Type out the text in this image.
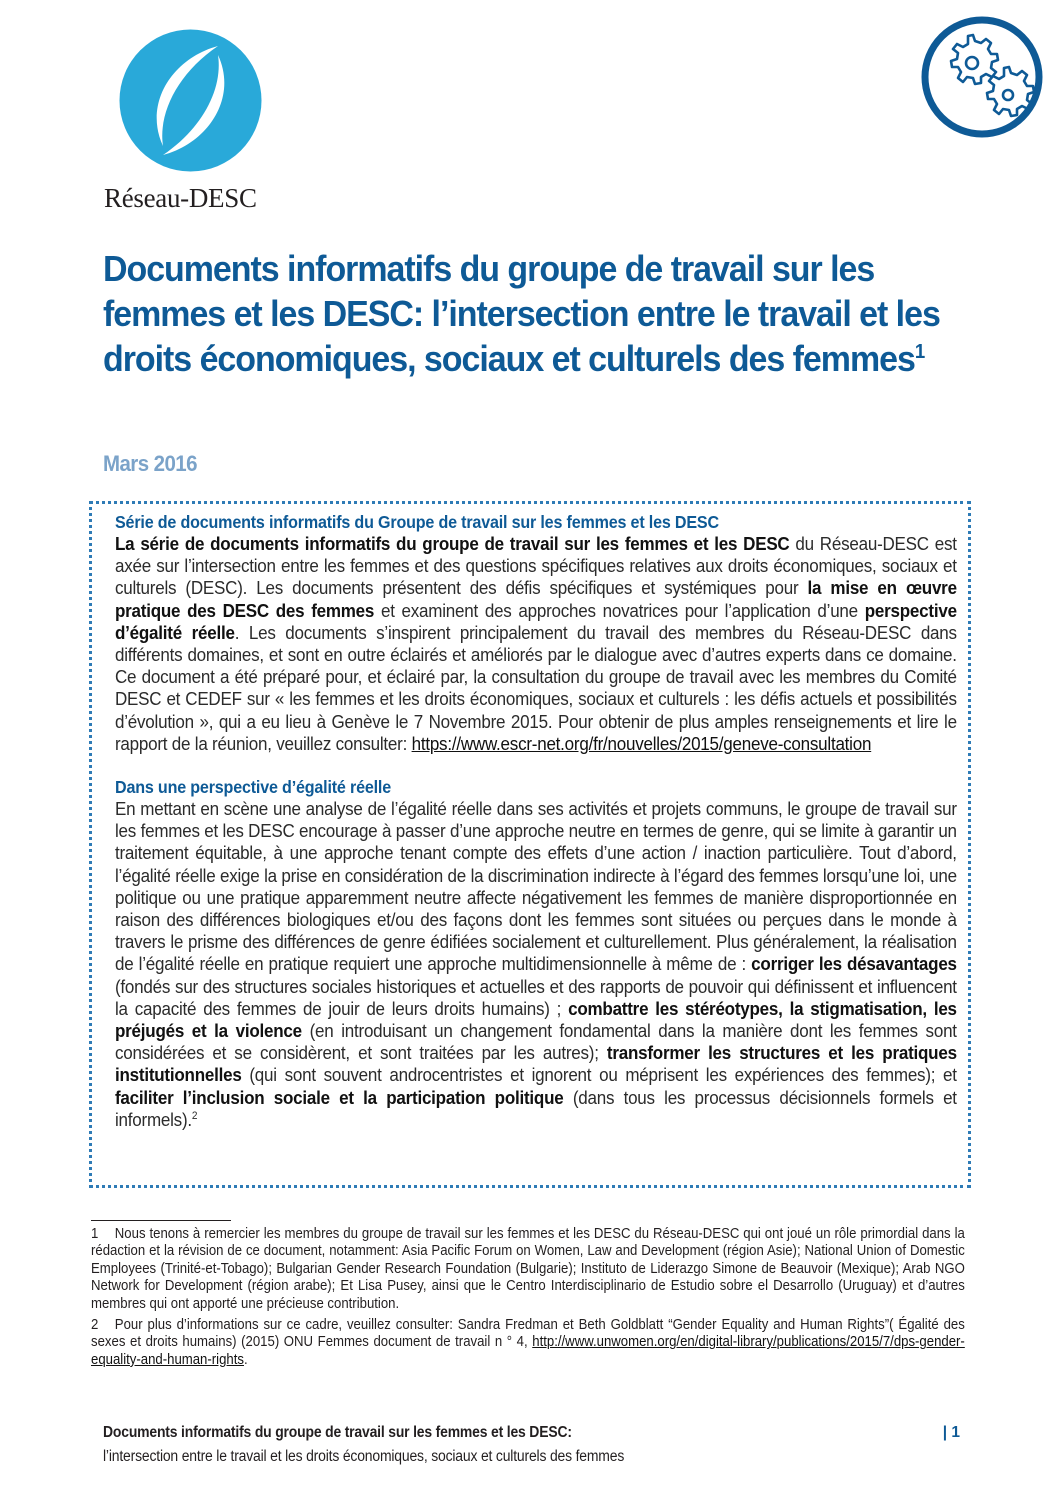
Réseau-DESC
Documents informatifs du groupe de travail sur les femmes et les DESC: l’intersection entre le travail et les droits économiques, sociaux et culturels des femmes$^1$
Mars 2016
Série de documents informatifs du Groupe de travail sur les femmes et les DESC

La série de documents informatifs du groupe de travail sur les femmes et les DESC du Réseau-DESC est axée sur l’intersection entre les femmes et des questions spécifiques relatives aux droits économiques, sociaux et culturels (DESC). Les documents présentent des défis spécifiques et systémiques pour la mise en œuvre pratique des DESC des femmes et examinent des approches novatrices pour l’application d’une perspective d’égalité réelle. Les documents s’inspirent principalement du travail des membres du Réseau-DESC dans différents domaines, et sont en outre éclairés et améliorés par le dialogue avec d’autres experts dans ce domaine. Ce document a été préparé pour, et éclairé par, la consultation du groupe de travail avec les membres du Comité DESC et CEDEF sur « les femmes et les droits économiques, sociaux et culturels : les défis actuels et possibilités d’évolution », qui a eu lieu à Genève le 7 Novembre 2015. Pour obtenir de plus amples renseignements et lire le rapport de la réunion, veuillez consulter: https://www.escr-net.org/fr/nouvelles/2015/geneve-consultation

Dans une perspective d’égalité réelle

En mettant en scène une analyse de l’égalité réelle dans ses activités et projets communs, le groupe de travail sur les femmes et les DESC encourage à passer d’une approche neutre en termes de genre, qui se limite à garantir un traitement équitable, à une approche tenant compte des effets d’une action / inaction particulière. Tout d’abord, l’égalité réelle exige la prise en considération de la discrimination indirecte à l’égard des femmes lorsqu’une loi, une politique ou une pratique apparemment neutre affecte négativement les femmes de manière disproportionnée en raison des différences biologiques et/ou des façons dont les femmes sont situées ou perçues dans le monde à travers le prisme des différences de genre édifiées socialement et culturellement. Plus généralement, la réalisation de l’égalité réelle en pratique requiert une approche multidimensionnelle à même de : corriger les désavantages (fondés sur des structures sociales historiques et actuelles et des rapports de pouvoir qui définissent et influencent la capacité des femmes de jouir de leurs droits humains) ; combattre les stéréotypes, la stigmatisation, les préjugés et la violence (en introduisant un changement fondamental dans la manière dont les femmes sont considérées et se considèrent, et sont traitées par les autres); transformer les structures et les pratiques institutionnelles (qui sont souvent androcentristes et ignorent ou méprisent les expériences des femmes); et faciliter l’inclusion sociale et la participation politique (dans tous les processus décisionnels formels et informels).$^2$

1 Nous tenons à remercier les membres du groupe de travail sur les femmes et les DESC du Réseau-DESC qui ont joué un rôle primordial dans la rédaction et la révision de ce document, notamment: Asia Pacific Forum on Women, Law and Development (région Asie); National Union of Domestic Employees (Trinité-et-Tobago); Bulgarian Gender Research Foundation (Bulgarie); Instituto de Liderazgo Simone de Beauvoir (Mexique); Arab NGO Network for Development (région arabe); Et Lisa Pusey, ainsi que le Centro Interdisciplinario de Estudio sobre el Desarrollo (Uruguay) et d’autres membres qui ont apporté une précieuse contribution.

2 Pour plus d’informations sur ce cadre, veuillez consulter: Sandra Fredman et Beth Goldblatt “Gender Equality and Human Rights”( Égalité des sexes et droits humains) (2015) ONU Femmes document de travail n ° 4, http://www.unwomen.org/en/digital-library/publications/2015/7/dps-gender-equality-and-human-rights.

Documents informatifs du groupe de travail sur les femmes et les DESC:
l’intersection entre le travail et les droits économiques, sociaux et culturels des femmes
| 1
